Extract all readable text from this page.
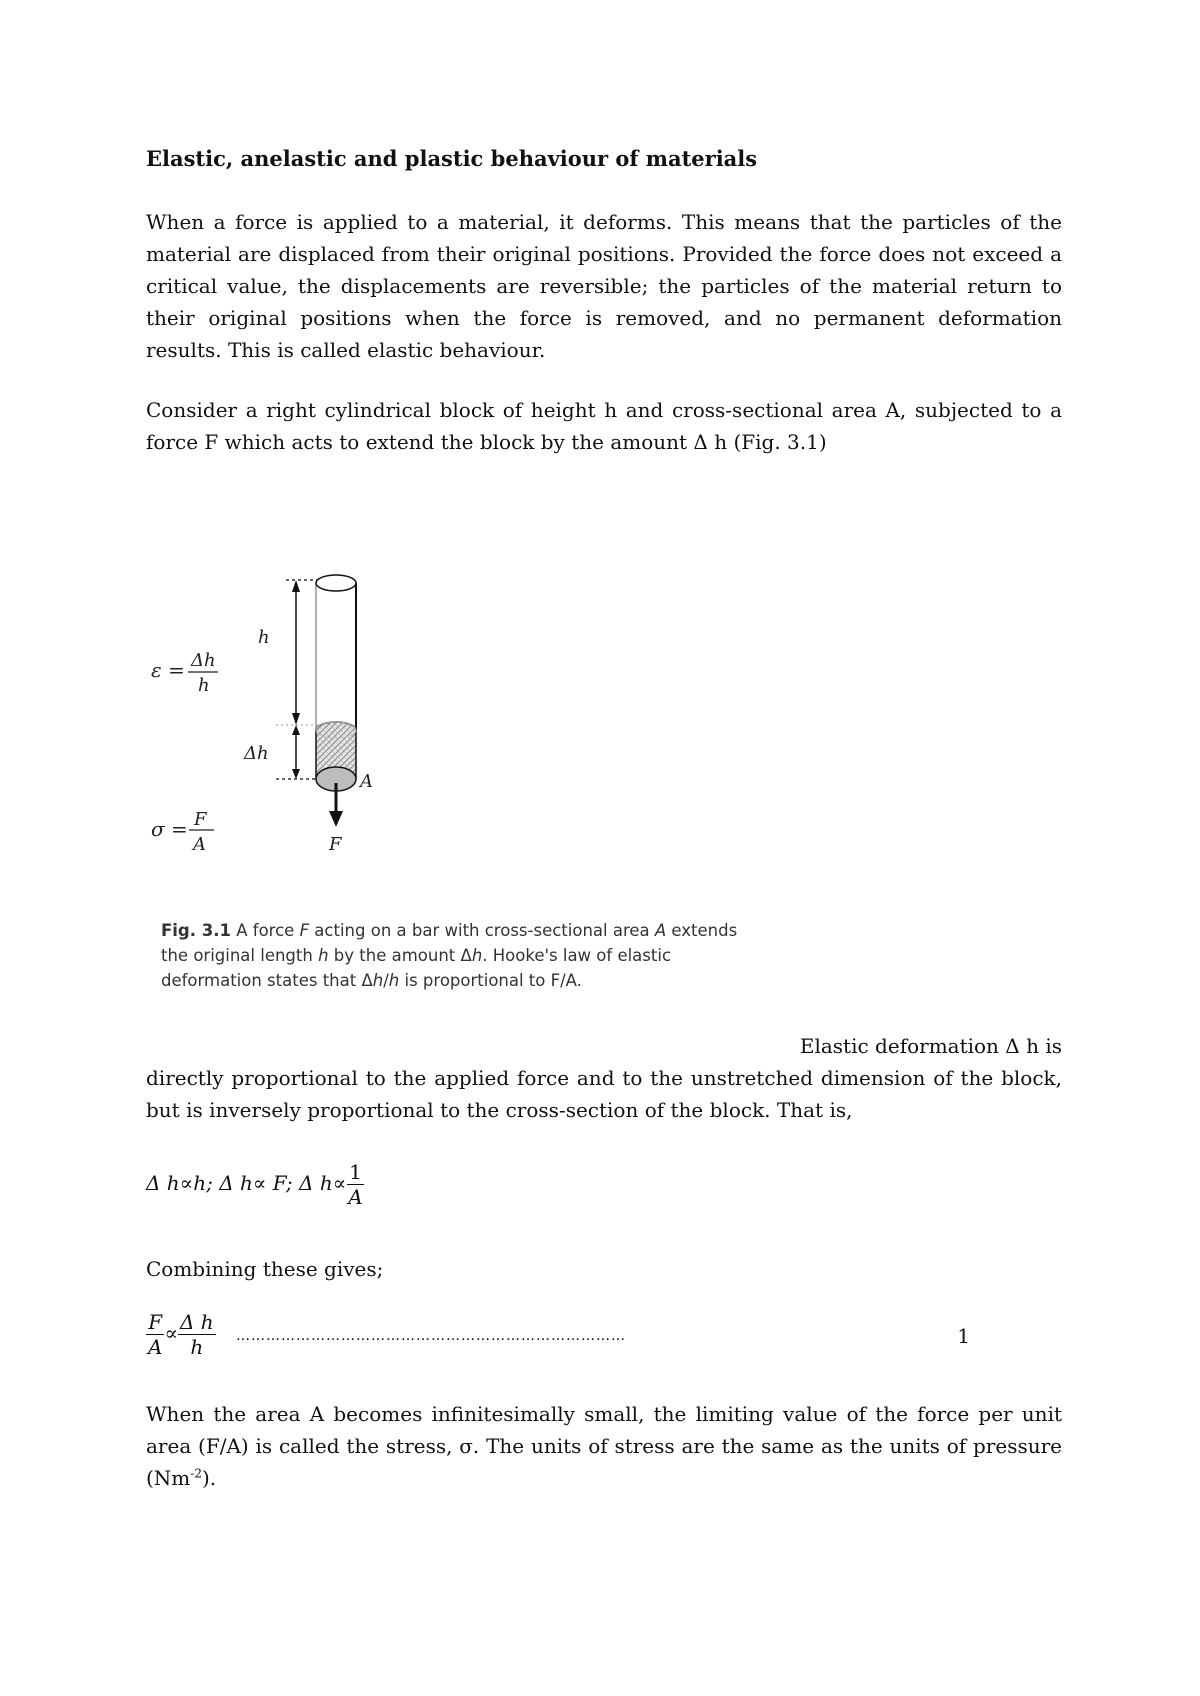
Elastic, anelastic and plastic behaviour of materials

When a force is applied to a material, it deforms. This means that the particles of the material are displaced from their original positions. Provided the force does not exceed a critical value, the displacements are reversible; the particles of the material return to their original positions when the force is removed, and no permanent deformation results. This is called elastic behaviour.

Consider a right cylindrical block of height h and cross-sectional area A, subjected to a force F which acts to extend the block by the amount Δ h (Fig. 3.1)

h
Δh
A
F
ε = Δh
h
σ = F
A
Fig. 3.1 A force F acting on a bar with cross-sectional area A extends the original length h by the amount Δh. Hooke's law of elastic deformation states that Δh/h is proportional to F/A.

Elastic deformation Δ h is

directly proportional to the applied force and to the unstretched dimension of the block, but is inversely proportional to the cross-section of the block. That is,

Δ h∝h; Δ h∝ F; Δ $h\propto \frac{1}{A}$

Combining these gives;

$\frac{F}{A} \propto \frac{\text{Δ h}}{h}$ ……………………………………………………………………	1

When the area A becomes infinitesimally small, the limiting value of the force per unit area (F/A) is called the stress, σ. The units of stress are the same as the units of pressure $(Nm^{-2})$.
